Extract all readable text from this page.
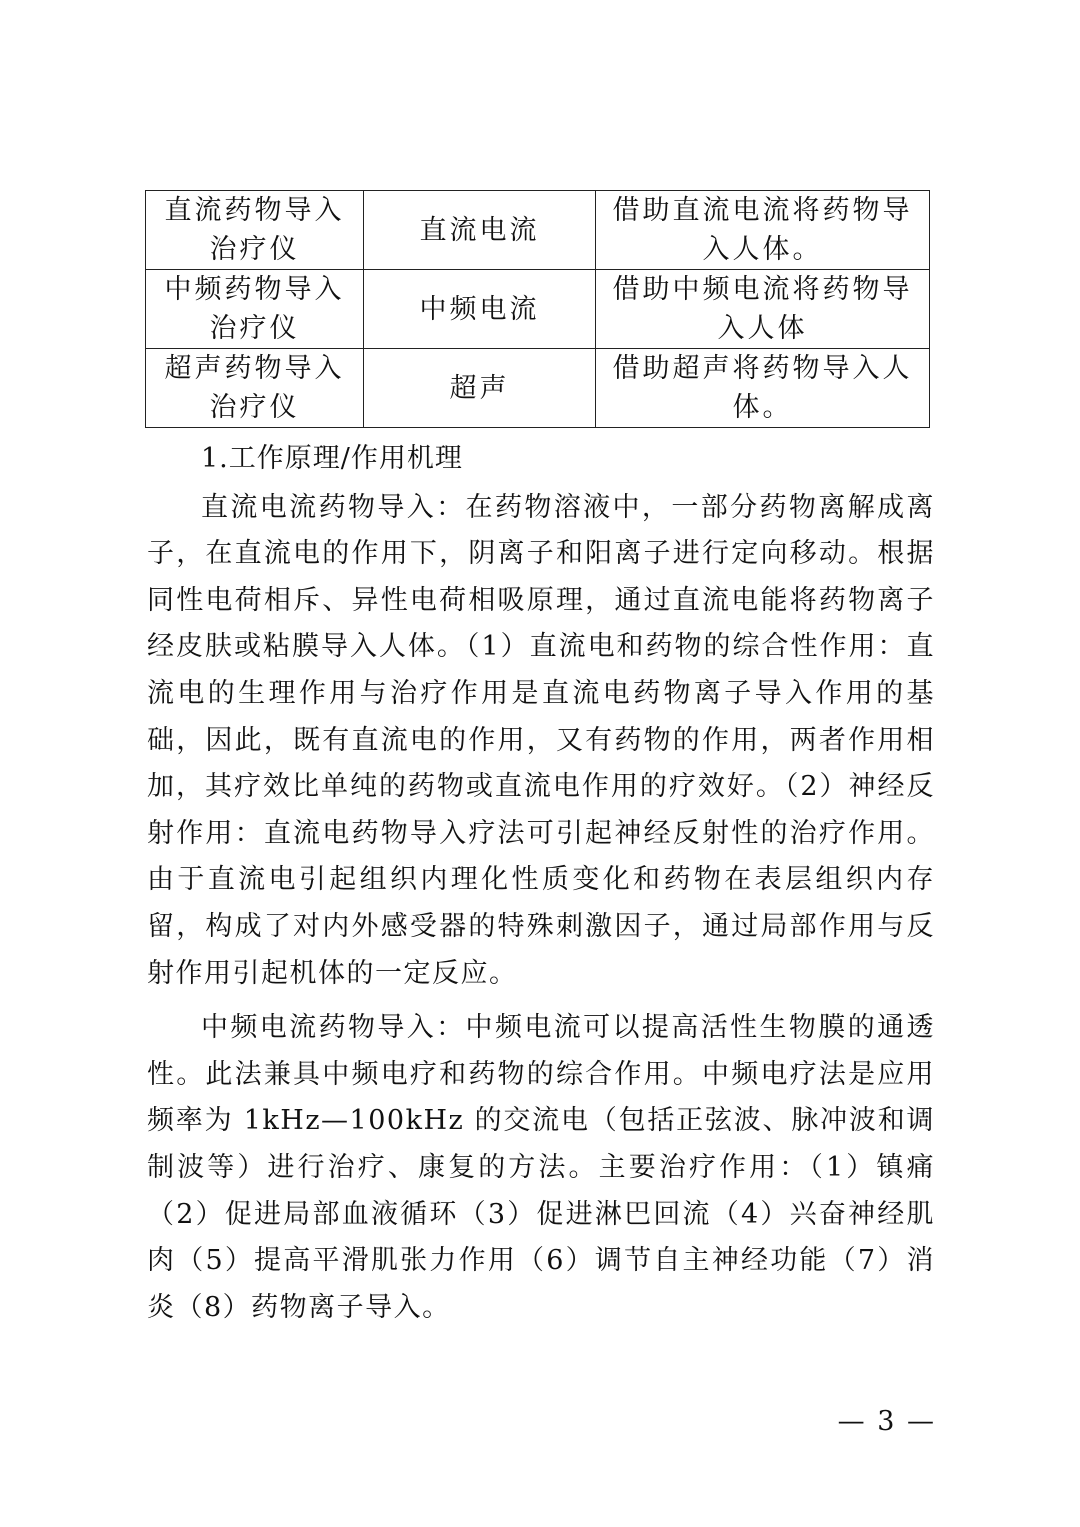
直流药物导入治疗仪	直流电流	借助直流电流将药物导入人体。
中频药物导入治疗仪	中频电流	借助中频电流将药物导入人体
超声药物导入治疗仪	超声	借助超声将药物导入人体。

1.工作原理/作用机理

直流电流药物导入：在药物溶液中，一部分药物离解成离子，在直流电的作用下，阴离子和阳离子进行定向移动。根据同性电荷相斥、异性电荷相吸原理，通过直流电能将药物离子经皮肤或粘膜导入人体。（1）直流电和药物的综合性作用：直流电的生理作用与治疗作用是直流电药物离子导入作用的基础，因此，既有直流电的作用，又有药物的作用，两者作用相加，其疗效比单纯的药物或直流电作用的疗效好。（2）神经反射作用：直流电药物导入疗法可引起神经反射性的治疗作用。由于直流电引起组织内理化性质变化和药物在表层组织内存留，构成了对内外感受器的特殊刺激因子，通过局部作用与反射作用引起机体的一定反应。

中频电流药物导入：中频电流可以提高活性生物膜的通透性。此法兼具中频电疗和药物的综合作用。中频电疗法是应用频率为 1kHz—100kHz 的交流电（包括正弦波、脉冲波和调制波等）进行治疗、康复的方法。主要治疗作用：（1）镇痛（2）促进局部血液循环（3）促进淋巴回流（4）兴奋神经肌肉（5）提高平滑肌张力作用（6）调节自主神经功能（7）消炎（8）药物离子导入。

— 3 —
